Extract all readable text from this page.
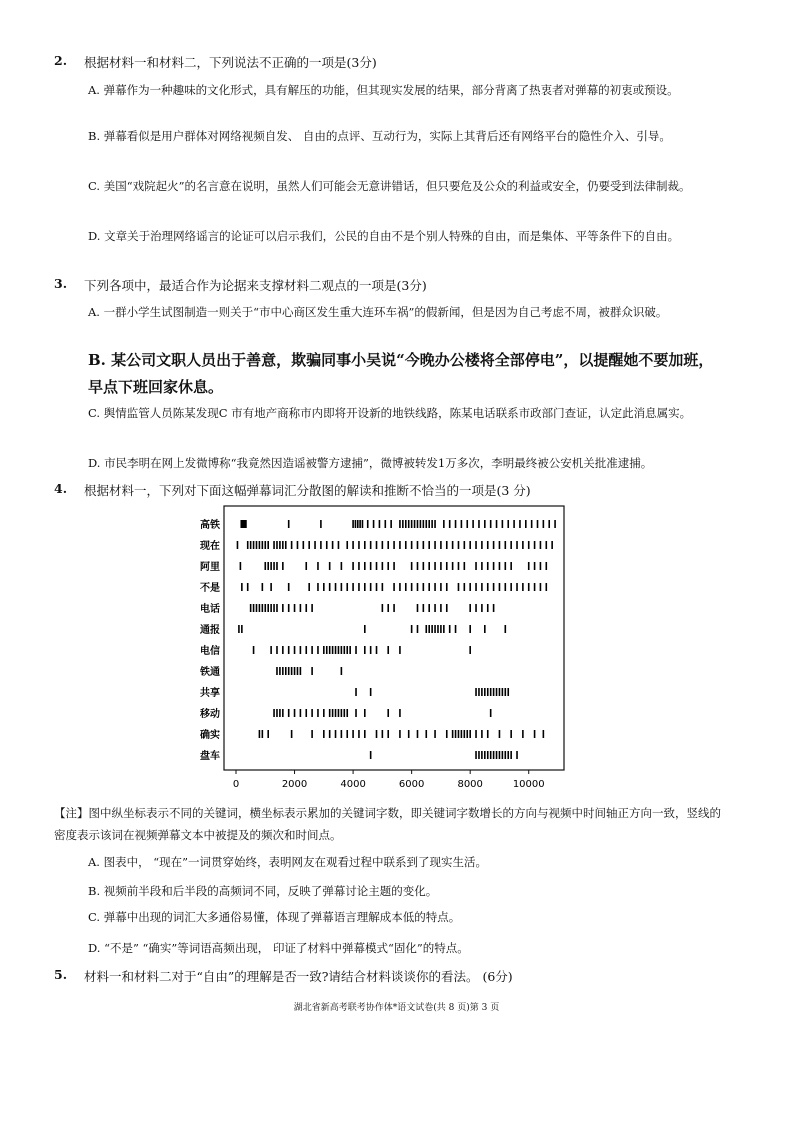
2. 根据材料一和材料二，下列说法不正确的一项是(3分)
A. 弹幕作为一种趣味的文化形式，具有解压的功能，但其现实发展的结果，部分背离了热衷者对弹幕的初衷或预设。
B. 弹幕看似是用户群体对网络视频自发、 自由的点评、互动行为，实际上其背后还有网络平台的隐性介入、引导。
C. 美国“戏院起火”的名言意在说明，虽然人们可能会无意讲错话，但只要危及公众的利益或安全，仍要受到法律制裁。
D. 文章关于治理网络谣言的论证可以启示我们，公民的自由不是个别人特殊的自由，而是集体、平等条件下的自由。
3. 下列各项中，最适合作为论据来支撑材料二观点的一项是(3分)
A. 一群小学生试图制造一则关于“市中心商区发生重大连环车祸”的假新闻，但是因为自己考虑不周，被群众识破。
B. 某公司文职人员出于善意，欺骗同事小吴说“今晚办公楼将全部停电”，以提醒她不要加班，早点下班回家休息。
C. 舆情监管人员陈某发现C 市有地产商称市内即将开设新的地铁线路，陈某电话联系市政部门查证，认定此消息属实。
D. 市民李明在网上发微博称“我竟然因造谣被警方逮捕”，微博被转发1万多次，李明最终被公安机关批准逮捕。
4. 根据材料一，下列对下面这幅弹幕词汇分散图的解读和推断不恰当的一项是(3 分)
高铁
现在
阿里
不是
电话
通报
电信
铁通
共享
移动
确实
盘车
0	2000	4000	6000	8000	10000
【注】图中纵坐标表示不同的关键词，横坐标表示累加的关键词字数，即关键词字数增长的方向与视频中时间轴正方向一致，竖线的密度表示该词在视频弹幕文本中被提及的频次和时间点。
A. 图表中， “现在”一词贯穿始终，表明网友在观看过程中联系到了现实生活。
B. 视频前半段和后半段的高频词不同，反映了弹幕讨论主题的变化。
C. 弹幕中出现的词汇大多通俗易懂，体现了弹幕语言理解成本低的特点。
D. “不是” “确实”等词语高频出现， 印证了材料中弹幕模式“固化”的特点。
5. 材料一和材料二对于“自由”的理解是否一致?请结合材料谈谈你的看法。 (6分)
湖北省新高考联考协作体*语文试卷(共 8 页)第 3 页
